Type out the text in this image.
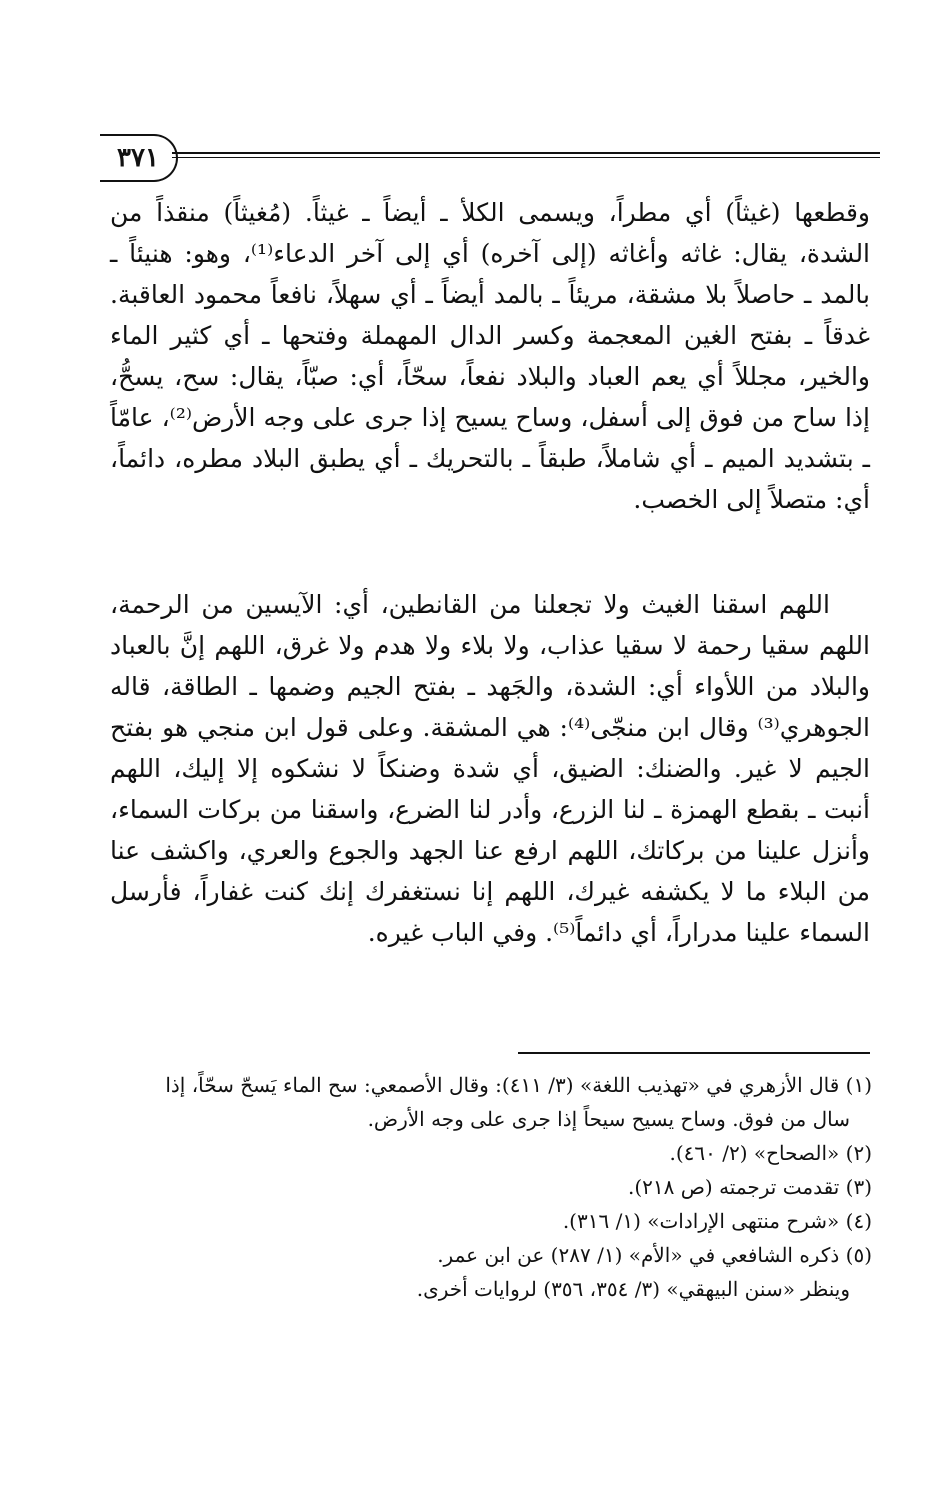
٣٧١

وقطعها (غيثاً) أي مطراً، ويسمى الكلأ ـ أيضاً ـ غيثاً. (مُغيثاً) منقذاً من الشدة، يقال: غاثه وأغاثه (إلى آخره) أي إلى آخر الدعاء⁽¹⁾، وهو: هنيئاً ـ بالمد ـ حاصلاً بلا مشقة، مريئاً ـ بالمد أيضاً ـ أي سهلاً، نافعاً محمود العاقبة. غدقاً ـ بفتح الغين المعجمة وكسر الدال المهملة وفتحها ـ أي كثير الماء والخير، مجللاً أي يعم العباد والبلاد نفعاً، سحّاً، أي: صبّاً، يقال: سح، يسحُّ، إذا ساح من فوق إلى أسفل، وساح يسيح إذا جرى على وجه الأرض⁽²⁾، عامّاً ـ بتشديد الميم ـ أي شاملاً، طبقاً ـ بالتحريك ـ أي يطبق البلاد مطره، دائماً، أي: متصلاً إلى الخصب.

اللهم اسقنا الغيث ولا تجعلنا من القانطين، أي: الآيسين من الرحمة، اللهم سقيا رحمة لا سقيا عذاب، ولا بلاء ولا هدم ولا غرق، اللهم إنَّ بالعباد والبلاد من اللأواء أي: الشدة، والجَهد ـ بفتح الجيم وضمها ـ الطاقة، قاله الجوهري⁽³⁾ وقال ابن منجّى⁽⁴⁾: هي المشقة. وعلى قول ابن منجي هو بفتح الجيم لا غير. والضنك: الضيق، أي شدة وضنكاً لا نشكوه إلا إليك، اللهم أنبت ـ بقطع الهمزة ـ لنا الزرع، وأدر لنا الضرع، واسقنا من بركات السماء، وأنزل علينا من بركاتك، اللهم ارفع عنا الجهد والجوع والعري، واكشف عنا من البلاء ما لا يكشفه غيرك، اللهم إنا نستغفرك إنك كنت غفاراً، فأرسل السماء علينا مدراراً، أي دائماً⁽⁵⁾. وفي الباب غيره.

(١) قال الأزهري في «تهذيب اللغة» (٣/ ٤١١): وقال الأصمعي: سح الماء يَسحّ سحّاً، إذا

سال من فوق. وساح يسيح سيحاً إذا جرى على وجه الأرض.

(٢) «الصحاح» (٢/ ٤٦٠).

(٣) تقدمت ترجمته (ص ٢١٨).

(٤) «شرح منتهى الإرادات» (١/ ٣١٦).

(٥) ذكره الشافعي في «الأم» (١/ ٢٨٧) عن ابن عمر.

وينظر «سنن البيهقي» (٣/ ٣٥٤، ٣٥٦) لروايات أخرى.
